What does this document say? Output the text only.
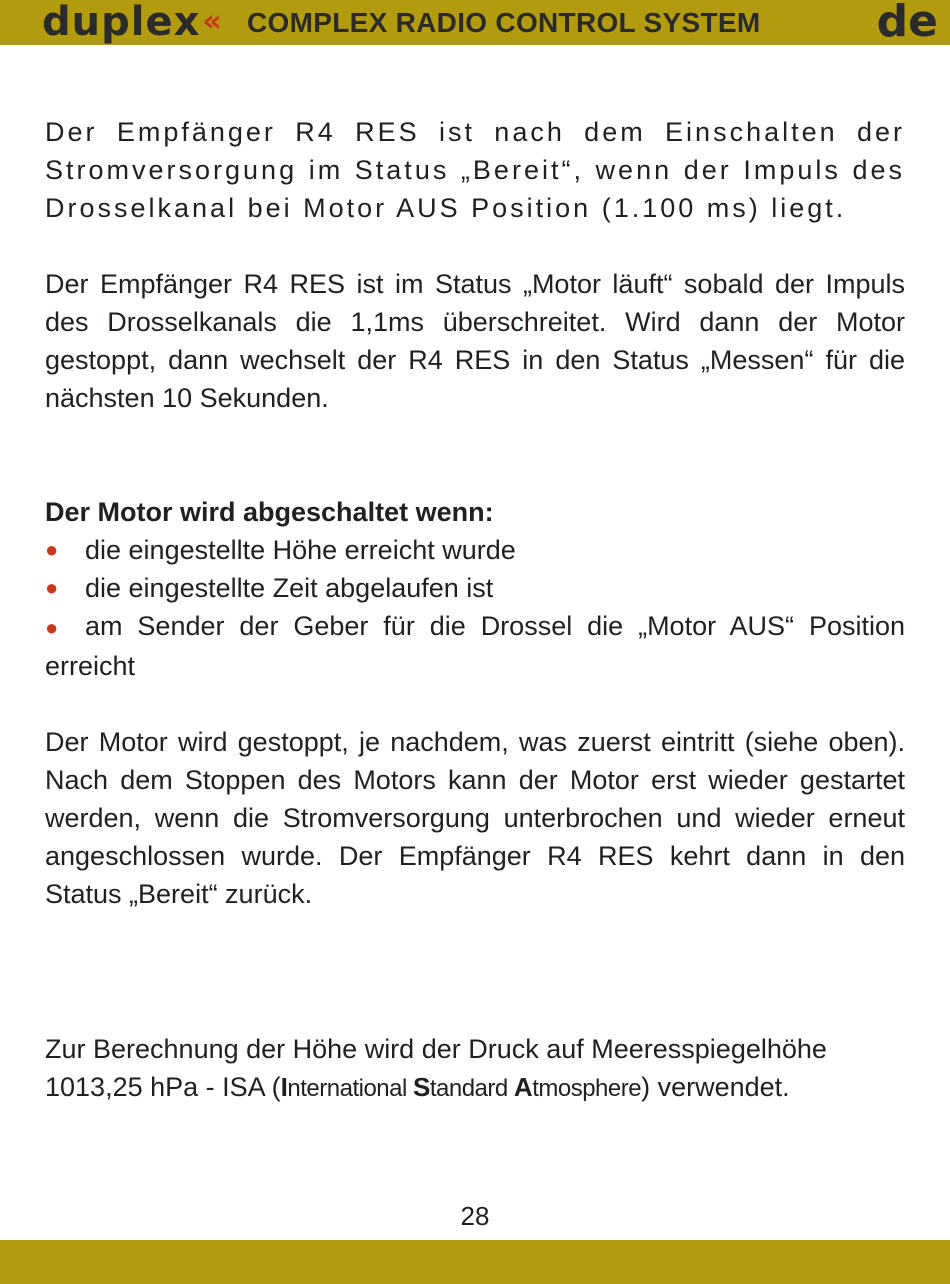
duplex « COMPLEX RADIO CONTROL SYSTEM	de

Der Empfänger R4 RES ist nach dem Einschalten der Stromversorgung im Status „Bereit“, wenn der Impuls des Drosselkanal bei Motor AUS Position (1.100 ms) liegt.

Der Empfänger R4 RES ist im Status „Motor läuft“ sobald der Impuls des Drosselkanals die 1,1ms überschreitet. Wird dann der Motor gestoppt, dann wechselt der R4 RES in den Status „Messen“ für die nächsten 10 Sekunden.

Der Motor wird abgeschaltet wenn:

● die eingestellte Höhe erreicht wurde

● die eingestellte Zeit abgelaufen ist

● am Sender der Geber für die Drossel die „Motor AUS“ Position erreicht

Der Motor wird gestoppt, je nachdem, was zuerst eintritt (siehe oben). Nach dem Stoppen des Motors kann der Motor erst wieder gestartet werden, wenn die Stromversorgung unterbrochen und wieder erneut angeschlossen wurde. Der Empfänger R4 RES kehrt dann in den Status „Bereit“ zurück.

Zur Berechnung der Höhe wird der Druck auf Meeresspiegelhöhe 1013,25 hPa - ISA (International Standard Atmosphere) verwendet.
28
